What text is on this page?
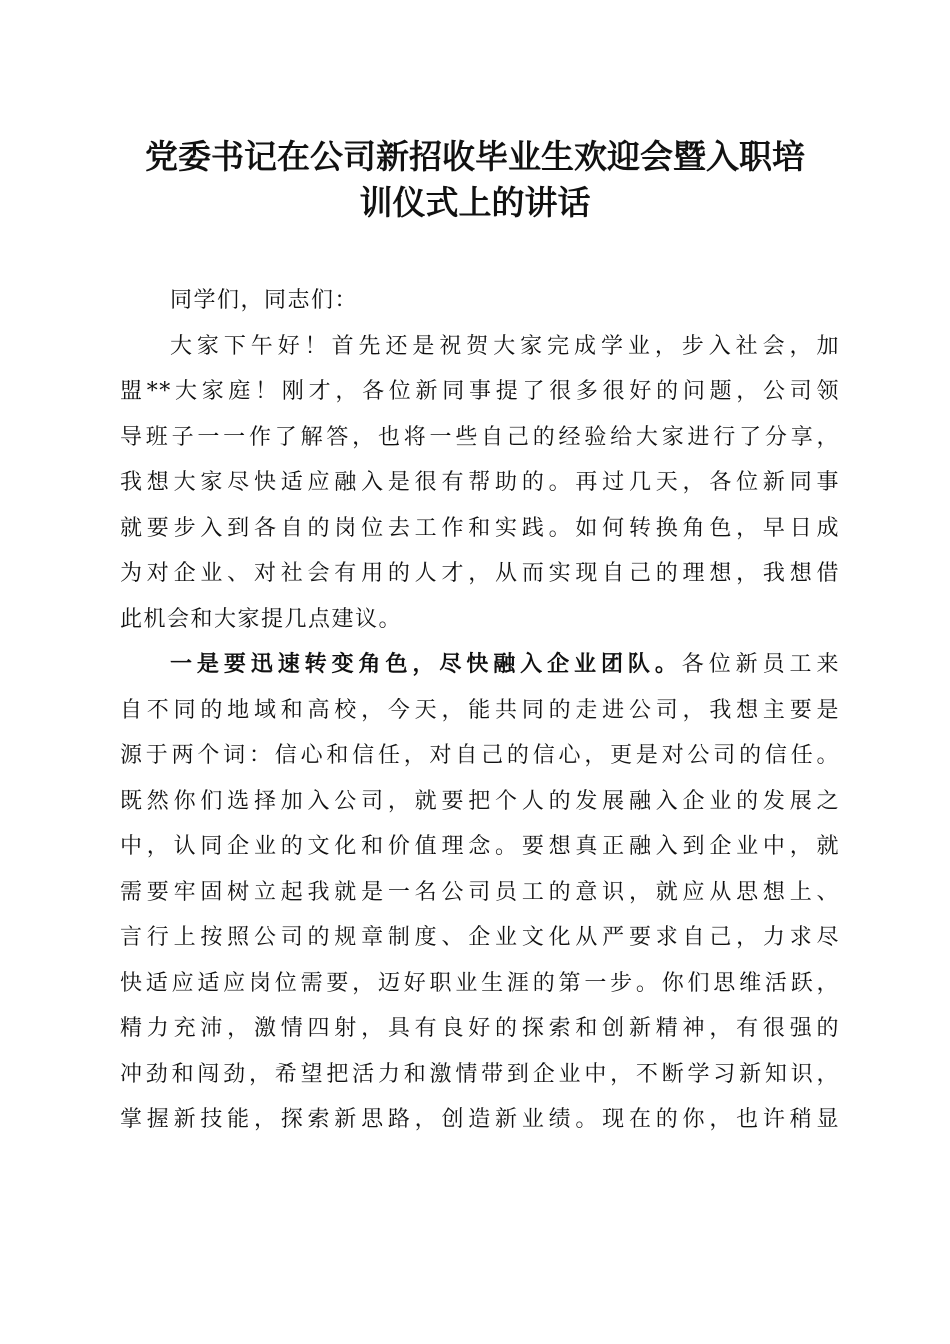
党委书记在公司新招收毕业生欢迎会暨入职培
训仪式上的讲话

同学们，同志们：

大家下午好！首先还是祝贺大家完成学业，步入社会，加
盟**大家庭！刚才，各位新同事提了很多很好的问题，公司领
导班子一一作了解答，也将一些自己的经验给大家进行了分享，
我想大家尽快适应融入是很有帮助的。再过几天，各位新同事
就要步入到各自的岗位去工作和实践。如何转换角色，早日成
为对企业、对社会有用的人才，从而实现自己的理想，我想借
此机会和大家提几点建议。

一是要迅速转变角色，尽快融入企业团队。各位新员工来
自不同的地域和高校，今天，能共同的走进公司，我想主要是
源于两个词：信心和信任，对自己的信心，更是对公司的信任。
既然你们选择加入公司，就要把个人的发展融入企业的发展之
中，认同企业的文化和价值理念。要想真正融入到企业中，就
需要牢固树立起我就是一名公司员工的意识，就应从思想上、
言行上按照公司的规章制度、企业文化从严要求自己，力求尽
快适应适应岗位需要，迈好职业生涯的第一步。你们思维活跃，
精力充沛，激情四射，具有良好的探索和创新精神，有很强的
冲劲和闯劲，希望把活力和激情带到企业中，不断学习新知识，
掌握新技能，探索新思路，创造新业绩。现在的你，也许稍显
